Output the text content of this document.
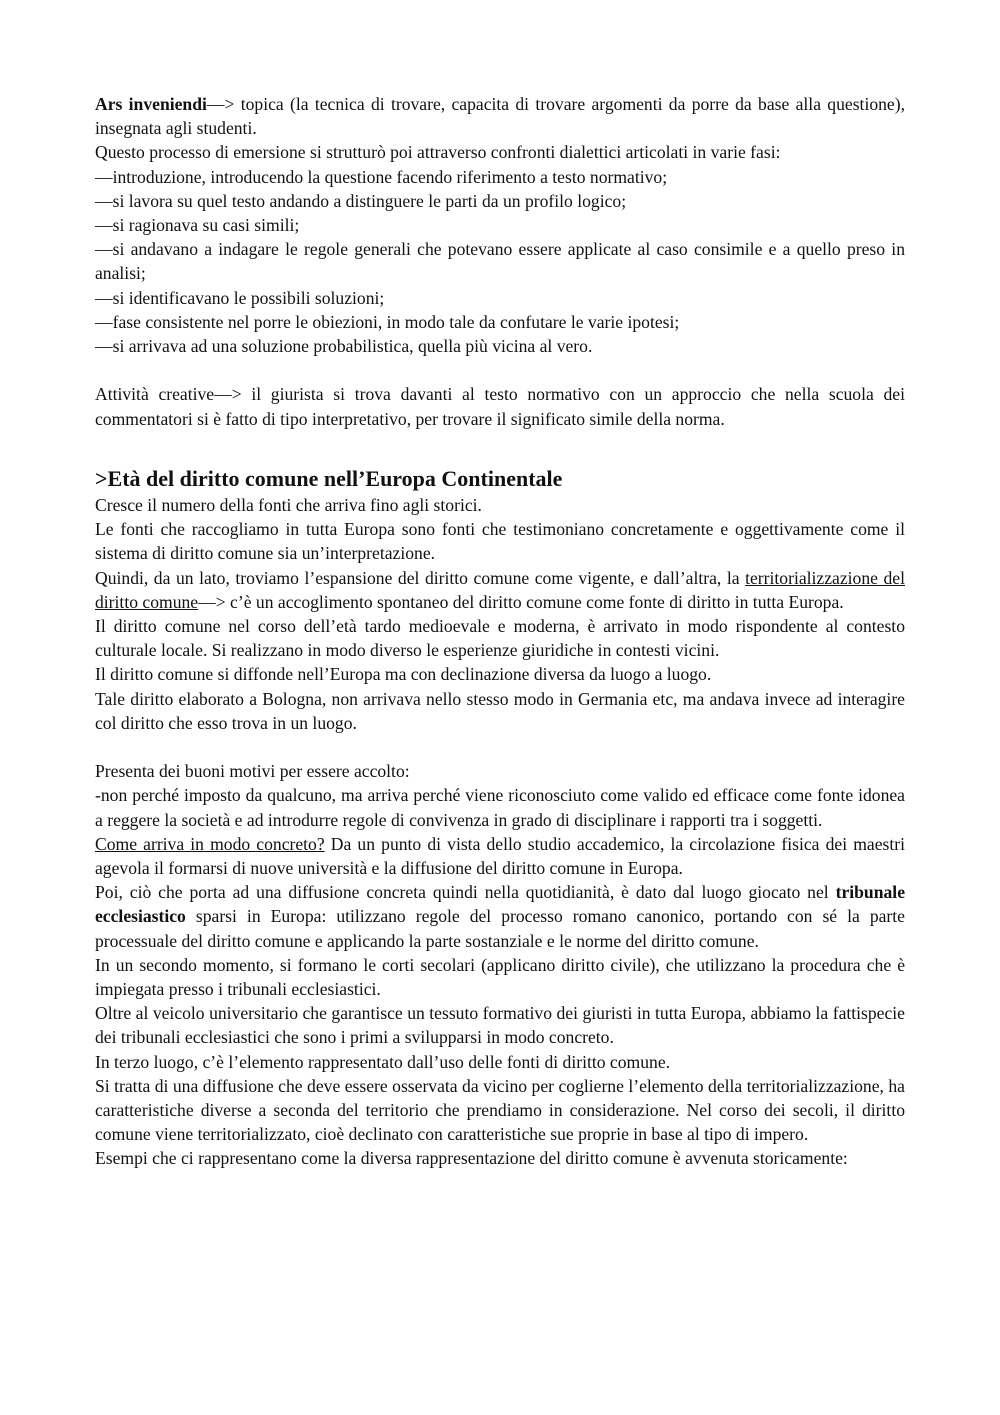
Ars inveniendi—> topica (la tecnica di trovare, capacita di trovare argomenti da porre da base alla questione), insegnata agli studenti.

Questo processo di emersione si strutturò poi attraverso confronti dialettici articolati in varie fasi:

—introduzione, introducendo la questione facendo riferimento a testo normativo;

—si lavora su quel testo andando a distinguere le parti da un profilo logico;

—si ragionava su casi simili;

—si andavano a indagare le regole generali che potevano essere applicate al caso consimile e a quello preso in analisi;

—si identificavano le possibili soluzioni;

—fase consistente nel porre le obiezioni, in modo tale da confutare le varie ipotesi;

—si arrivava ad una soluzione probabilistica, quella più vicina al vero.

Attività creative—> il giurista si trova davanti al testo normativo con un approccio che nella scuola dei commentatori si è fatto di tipo interpretativo, per trovare il significato simile della norma.

>Età del diritto comune nell’Europa Continentale

Cresce il numero della fonti che arriva fino agli storici.

Le fonti che raccogliamo in tutta Europa sono fonti che testimoniano concretamente e oggettivamente come il sistema di diritto comune sia un’interpretazione.

Quindi, da un lato, troviamo l’espansione del diritto comune come vigente, e dall’altra, la territorializzazione del diritto comune—> c’è un accoglimento spontaneo del diritto comune come fonte di diritto in tutta Europa.

Il diritto comune nel corso dell’età tardo medioevale e moderna, è arrivato in modo rispondente al contesto culturale locale. Si realizzano in modo diverso le esperienze giuridiche in contesti vicini.

Il diritto comune si diffonde nell’Europa ma con declinazione diversa da luogo a luogo.

Tale diritto elaborato a Bologna, non arrivava nello stesso modo in Germania etc, ma andava invece ad interagire col diritto che esso trova in un luogo.

Presenta dei buoni motivi per essere accolto:

-non perché imposto da qualcuno, ma arriva perché viene riconosciuto come valido ed efficace come fonte idonea a reggere la società e ad introdurre regole di convivenza in grado di disciplinare i rapporti tra i soggetti.

Come arriva in modo concreto? Da un punto di vista dello studio accademico, la circolazione fisica dei maestri agevola il formarsi di nuove università e la diffusione del diritto comune in Europa.

Poi, ciò che porta ad una diffusione concreta quindi nella quotidianità, è dato dal luogo giocato nel tribunale ecclesiastico sparsi in Europa: utilizzano regole del processo romano canonico, portando con sé la parte processuale del diritto comune e applicando la parte sostanziale e le norme del diritto comune.

In un secondo momento, si formano le corti secolari (applicano diritto civile), che utilizzano la procedura che è impiegata presso i tribunali ecclesiastici.

Oltre al veicolo universitario che garantisce un tessuto formativo dei giuristi in tutta Europa, abbiamo la fattispecie dei tribunali ecclesiastici che sono i primi a svilupparsi in modo concreto.

In terzo luogo, c’è l’elemento rappresentato dall’uso delle fonti di diritto comune.

Si tratta di una diffusione che deve essere osservata da vicino per coglierne l’elemento della territorializzazione, ha caratteristiche diverse a seconda del territorio che prendiamo in considerazione. Nel corso dei secoli, il diritto comune viene territorializzato, cioè declinato con caratteristiche sue proprie in base al tipo di impero.

Esempi che ci rappresentano come la diversa rappresentazione del diritto comune è avvenuta storicamente:
